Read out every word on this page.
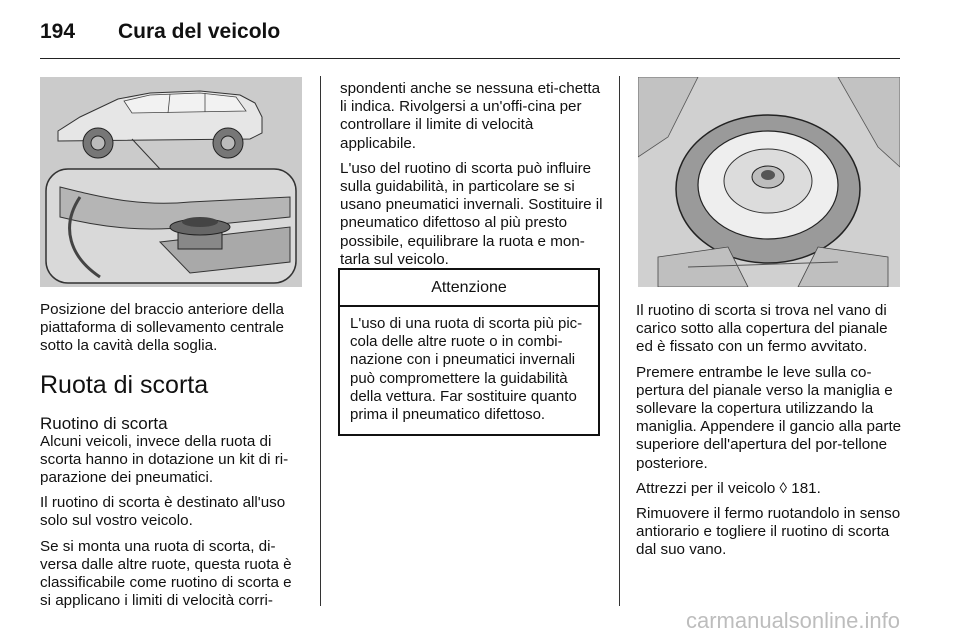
194 Cura del veicolo

Posizione del braccio anteriore della piattaforma di sollevamento centrale sotto la cavità della soglia.

Ruota di scorta
Ruotino di scorta

Alcuni veicoli, invece della ruota di scorta hanno in dotazione un kit di ri-parazione dei pneumatici.

Il ruotino di scorta è destinato all'uso solo sul vostro veicolo.

Se si monta una ruota di scorta, di-versa dalle altre ruote, questa ruota è classificabile come ruotino di scorta e si applicano i limiti di velocità corri-

spondenti anche se nessuna eti-chetta li indica. Rivolgersi a un'offi-cina per controllare il limite di velocità applicabile.

L'uso del ruotino di scorta può influire sulla guidabilità, in particolare se si usano pneumatici invernali. Sostituire il pneumatico difettoso al più presto possibile, equilibrare la ruota e mon-tarla sul veicolo.

Attenzione
L'uso di una ruota di scorta più pic-cola delle altre ruote o in combi-nazione con i pneumatici invernali può compromettere la guidabilità della vettura. Far sostituire quanto prima il pneumatico difettoso.

Il ruotino di scorta si trova nel vano di carico sotto alla copertura del pianale ed è fissato con un fermo avvitato.

Premere entrambe le leve sulla co-pertura del pianale verso la maniglia e sollevare la copertura utilizzando la maniglia. Appendere il gancio alla parte superiore dell'apertura del por-tellone posteriore.

Attrezzi per il veicolo ◊ 181.

Rimuovere il fermo ruotandolo in senso antiorario e togliere il ruotino di scorta dal suo vano.

carmanualsonline.info
